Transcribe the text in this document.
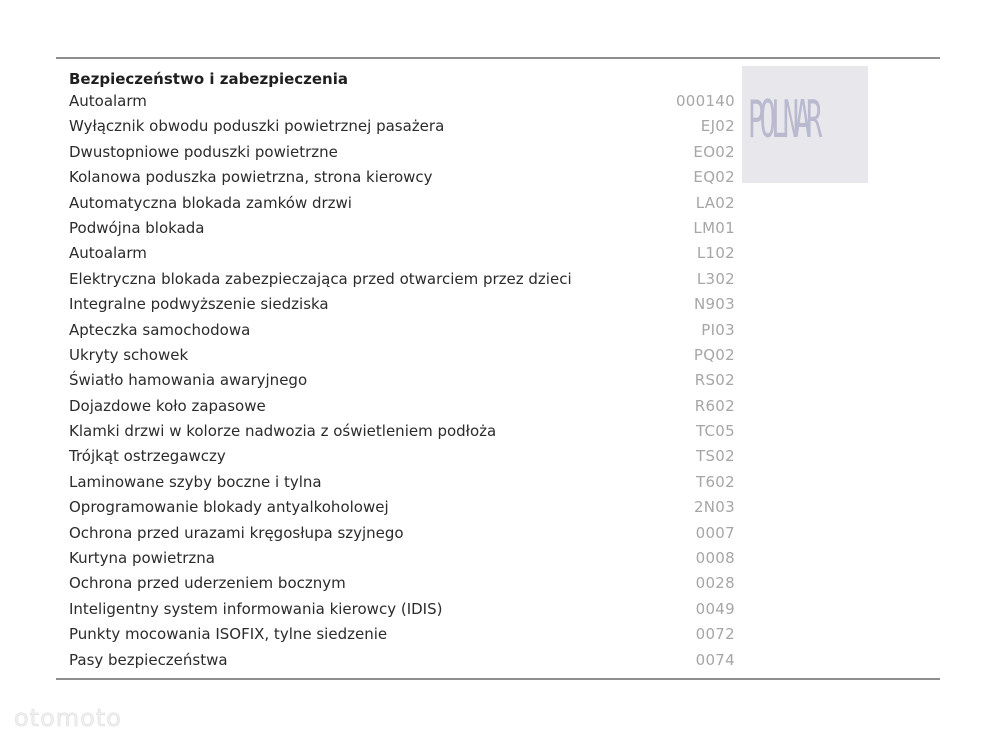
Bezpieczeństwo i zabezpieczenia
Autoalarm	000140
Wyłącznik obwodu poduszki powietrznej pasażera	EJ02
Dwustopniowe poduszki powietrzne	EO02
Kolanowa poduszka powietrzna, strona kierowcy	EQ02
Automatyczna blokada zamków drzwi	LA02
Podwójna blokada	LM01
Autoalarm	L102
Elektryczna blokada zabezpieczająca przed otwarciem przez dzieci	L302
Integralne podwyższenie siedziska	N903
Apteczka samochodowa	PI03
Ukryty schowek	PQ02
Światło hamowania awaryjnego	RS02
Dojazdowe koło zapasowe	R602
Klamki drzwi w kolorze nadwozia z oświetleniem podłoża	TC05
Trójkąt ostrzegawczy	TS02
Laminowane szyby boczne i tylna	T602
Oprogramowanie blokady antyalkoholowej	2N03
Ochrona przed urazami kręgosłupa szyjnego	0007
Kurtyna powietrzna	0008
Ochrona przed uderzeniem bocznym	0028
Inteligentny system informowania kierowcy (IDIS)	0049
Punkty mocowania ISOFIX, tylne siedzenie	0072
Pasy bezpieczeństwa	0074
POLNAR
otomoto
